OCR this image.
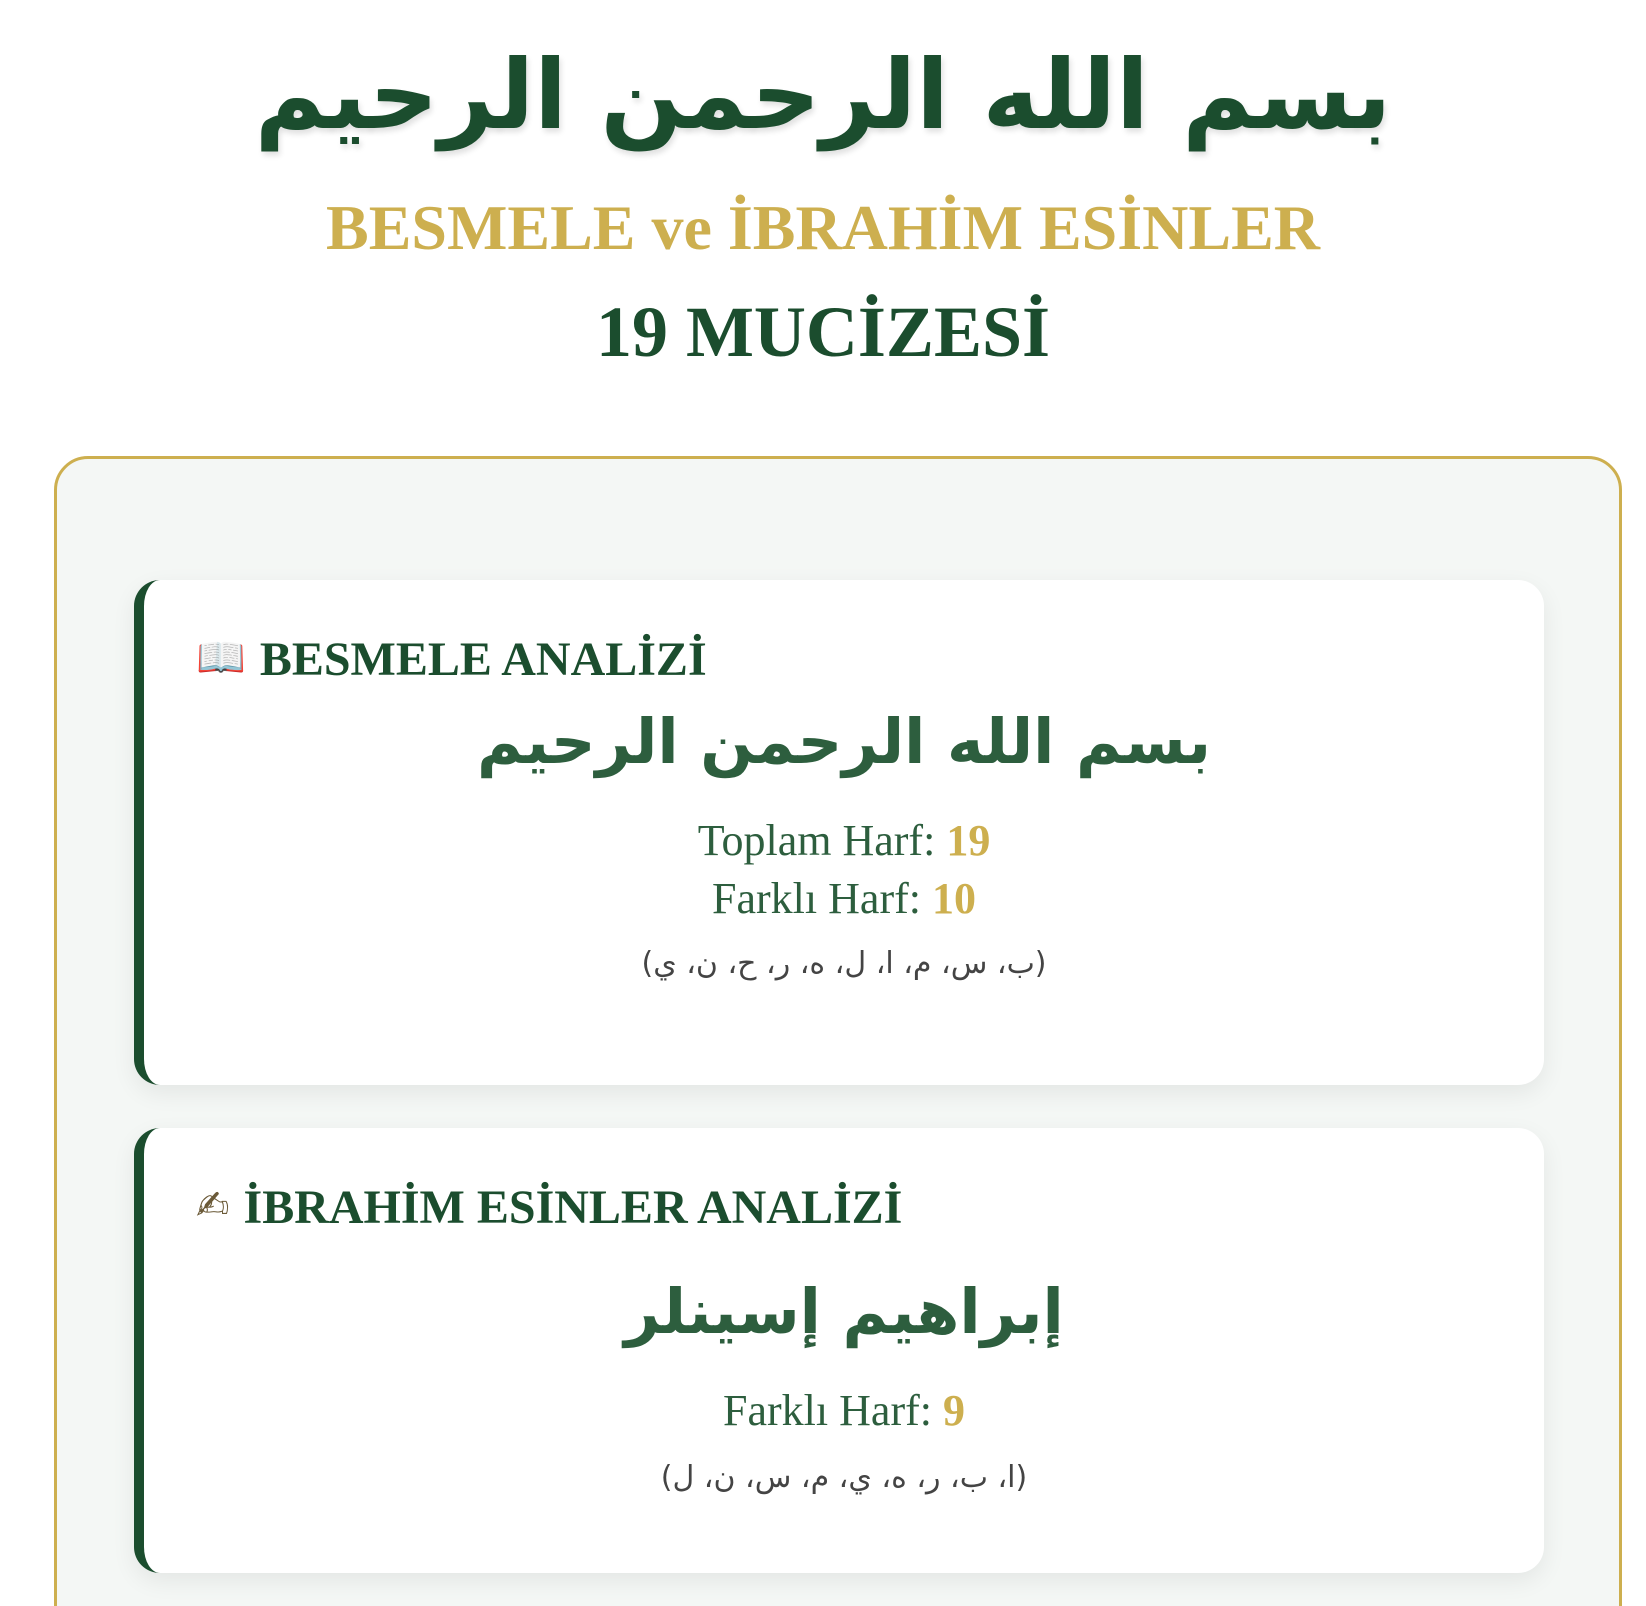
بسم الله الرحمن الرحيم
BESMELE ve İBRAHİM ESİNLER
19 MUCİZESİ
📖 BESMELE ANALİZİ
بسم الله الرحمن الرحيم
Toplam Harf: 19
Farklı Harf: 10
(ب، س، م، ا، ل، ه، ر، ح، ن، ي)
✍ İBRAHİM ESİNLER ANALİZİ
إبراهيم إسينلر
Farklı Harf: 9
(ا، ب، ر، ه، ي، م، س، ن، ل)
